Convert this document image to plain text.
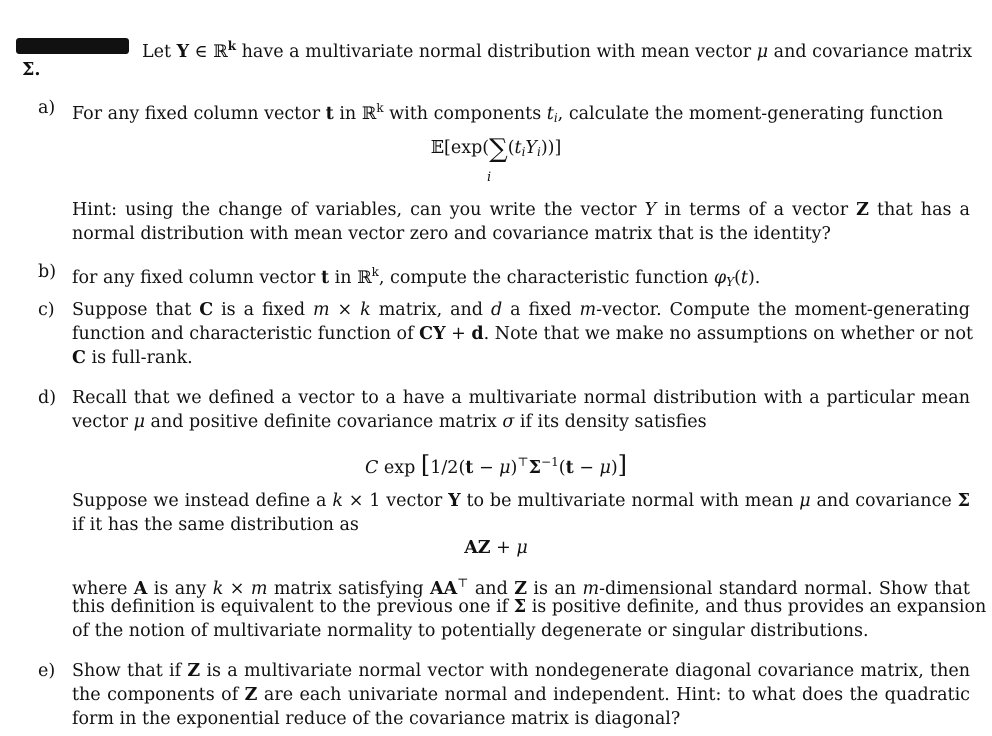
Let Y ∈ ℝ$^k$ have a multivariate normal distribution with mean vector μ and covariance matrix
Σ.
a) For any fixed column vector t in ℝ$^k$ with components $t_i$, calculate the moment-generating function
$𝔼[\exp(\sum(t_iY_i))]$
i
Hint: using the change of variables, can you write the vector Y in terms of a vector Z that has a
normal distribution with mean vector zero and covariance matrix that is the identity?
b) for any fixed column vector t in ℝ$^k$, compute the characteristic function $\varphi_Y(t)$.
c) Suppose that C is a fixed m × k matrix, and d a fixed m-vector. Compute the moment-generating
function and characteristic function of CY + d. Note that we make no assumptions on whether or not
C is full-rank.
d) Recall that we defined a vector to a have a multivariate normal distribution with a particular mean
vector μ and positive definite covariance matrix σ if its density satisfies
C $\exp [1/2(t - \mu)^⊤\Sigma^{-1}(t - \mu)]$
Suppose we instead define a k × 1 vector Y to be multivariate normal with mean μ and covariance Σ
if it has the same distribution as
AZ + μ
where A is any k × m matrix satisfying AA⊤ and Z is an m-dimensional standard normal. Show that
this definition is equivalent to the previous one if Σ is positive definite, and thus provides an expansion
of the notion of multivariate normality to potentially degenerate or singular distributions.
e) Show that if Z is a multivariate normal vector with nondegenerate diagonal covariance matrix, then
the components of Z are each univariate normal and independent. Hint: to what does the quadratic
form in the exponential reduce of the covariance matrix is diagonal?
